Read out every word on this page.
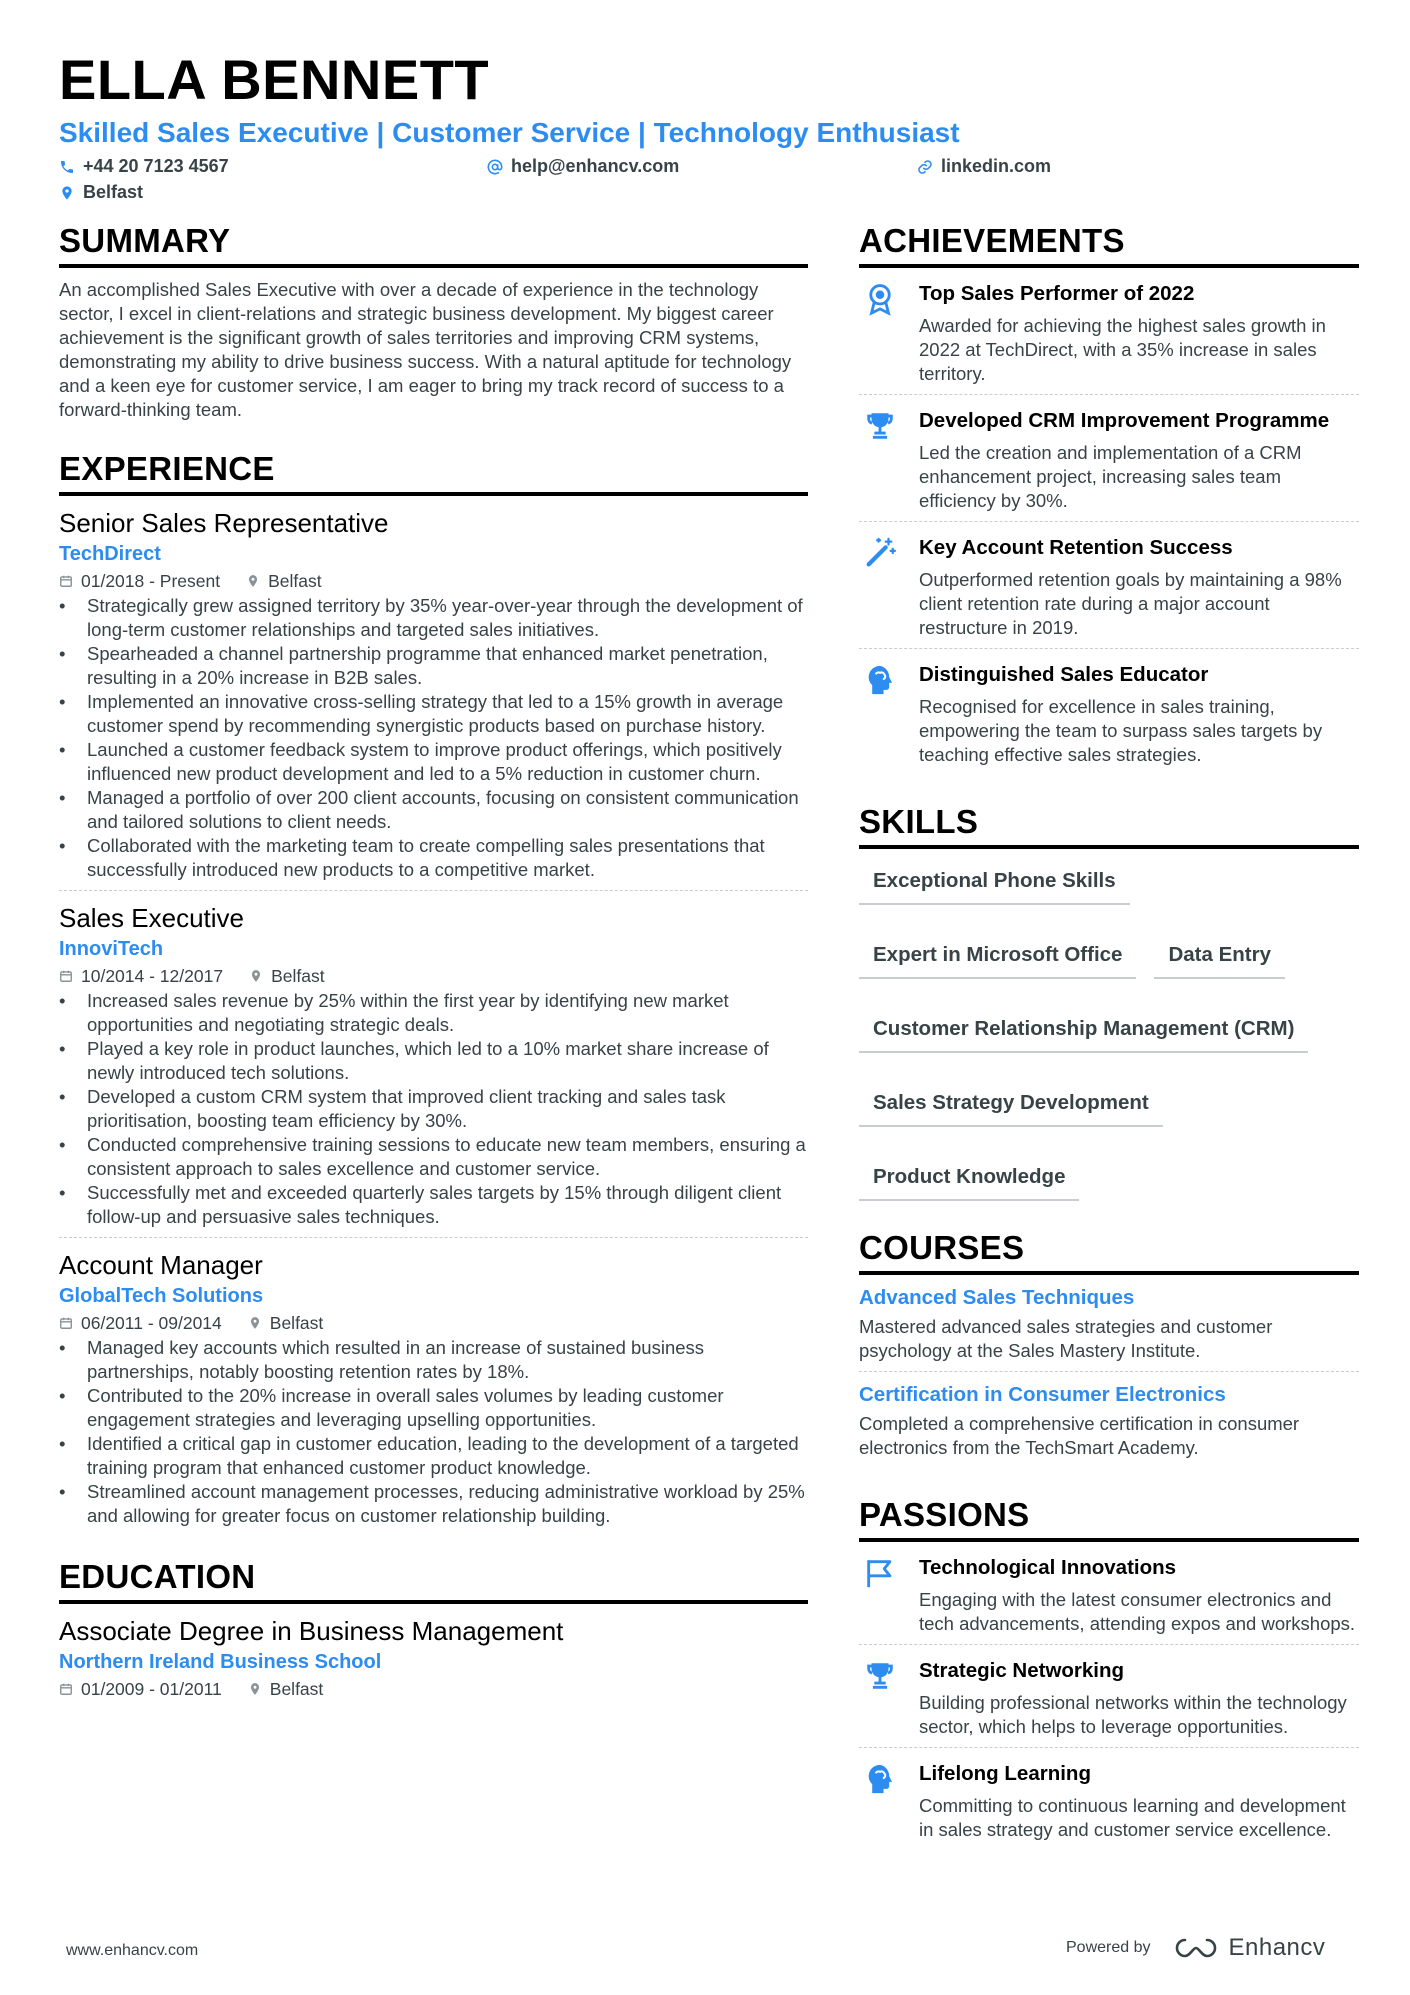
ELLA BENNETT
Skilled Sales Executive | Customer Service | Technology Enthusiast
+44 20 7123 4567	help@enhancv.com	linkedin.com
Belfast
SUMMARY
An accomplished Sales Executive with over a decade of experience in the technology sector, I excel in client-relations and strategic business development. My biggest career achievement is the significant growth of sales territories and improving CRM systems, demonstrating my ability to drive business success. With a natural aptitude for technology and a keen eye for customer service, I am eager to bring my track record of success to a forward-thinking team.
EXPERIENCE
Senior Sales Representative
TechDirect
01/2018 - Present	Belfast
• Strategically grew assigned territory by 35% year-over-year through the development of long-term customer relationships and targeted sales initiatives.
• Spearheaded a channel partnership programme that enhanced market penetration, resulting in a 20% increase in B2B sales.
• Implemented an innovative cross-selling strategy that led to a 15% growth in average customer spend by recommending synergistic products based on purchase history.
• Launched a customer feedback system to improve product offerings, which positively influenced new product development and led to a 5% reduction in customer churn.
• Managed a portfolio of over 200 client accounts, focusing on consistent communication and tailored solutions to client needs.
• Collaborated with the marketing team to create compelling sales presentations that successfully introduced new products to a competitive market.
Sales Executive
InnoviTech
10/2014 - 12/2017	Belfast
• Increased sales revenue by 25% within the first year by identifying new market opportunities and negotiating strategic deals.
• Played a key role in product launches, which led to a 10% market share increase of newly introduced tech solutions.
• Developed a custom CRM system that improved client tracking and sales task prioritisation, boosting team efficiency by 30%.
• Conducted comprehensive training sessions to educate new team members, ensuring a consistent approach to sales excellence and customer service.
• Successfully met and exceeded quarterly sales targets by 15% through diligent client follow-up and persuasive sales techniques.
Account Manager
GlobalTech Solutions
06/2011 - 09/2014	Belfast
• Managed key accounts which resulted in an increase of sustained business partnerships, notably boosting retention rates by 18%.
• Contributed to the 20% increase in overall sales volumes by leading customer engagement strategies and leveraging upselling opportunities.
• Identified a critical gap in customer education, leading to the development of a targeted training program that enhanced customer product knowledge.
• Streamlined account management processes, reducing administrative workload by 25% and allowing for greater focus on customer relationship building.
EDUCATION
Associate Degree in Business Management
Northern Ireland Business School
01/2009 - 01/2011	Belfast
ACHIEVEMENTS
Top Sales Performer of 2022
Awarded for achieving the highest sales growth in 2022 at TechDirect, with a 35% increase in sales territory.
Developed CRM Improvement Programme
Led the creation and implementation of a CRM enhancement project, increasing sales team efficiency by 30%.
Key Account Retention Success
Outperformed retention goals by maintaining a 98% client retention rate during a major account restructure in 2019.
Distinguished Sales Educator
Recognised for excellence in sales training, empowering the team to surpass sales targets by teaching effective sales strategies.
SKILLS
Exceptional Phone Skills
Expert in Microsoft Office	Data Entry
Customer Relationship Management (CRM)
Sales Strategy Development
Product Knowledge
COURSES
Advanced Sales Techniques
Mastered advanced sales strategies and customer psychology at the Sales Mastery Institute.
Certification in Consumer Electronics
Completed a comprehensive certification in consumer electronics from the TechSmart Academy.
PASSIONS
Technological Innovations
Engaging with the latest consumer electronics and tech advancements, attending expos and workshops.
Strategic Networking
Building professional networks within the technology sector, which helps to leverage opportunities.
Lifelong Learning
Committing to continuous learning and development in sales strategy and customer service excellence.
www.enhancv.com	Powered by	Enhancv
